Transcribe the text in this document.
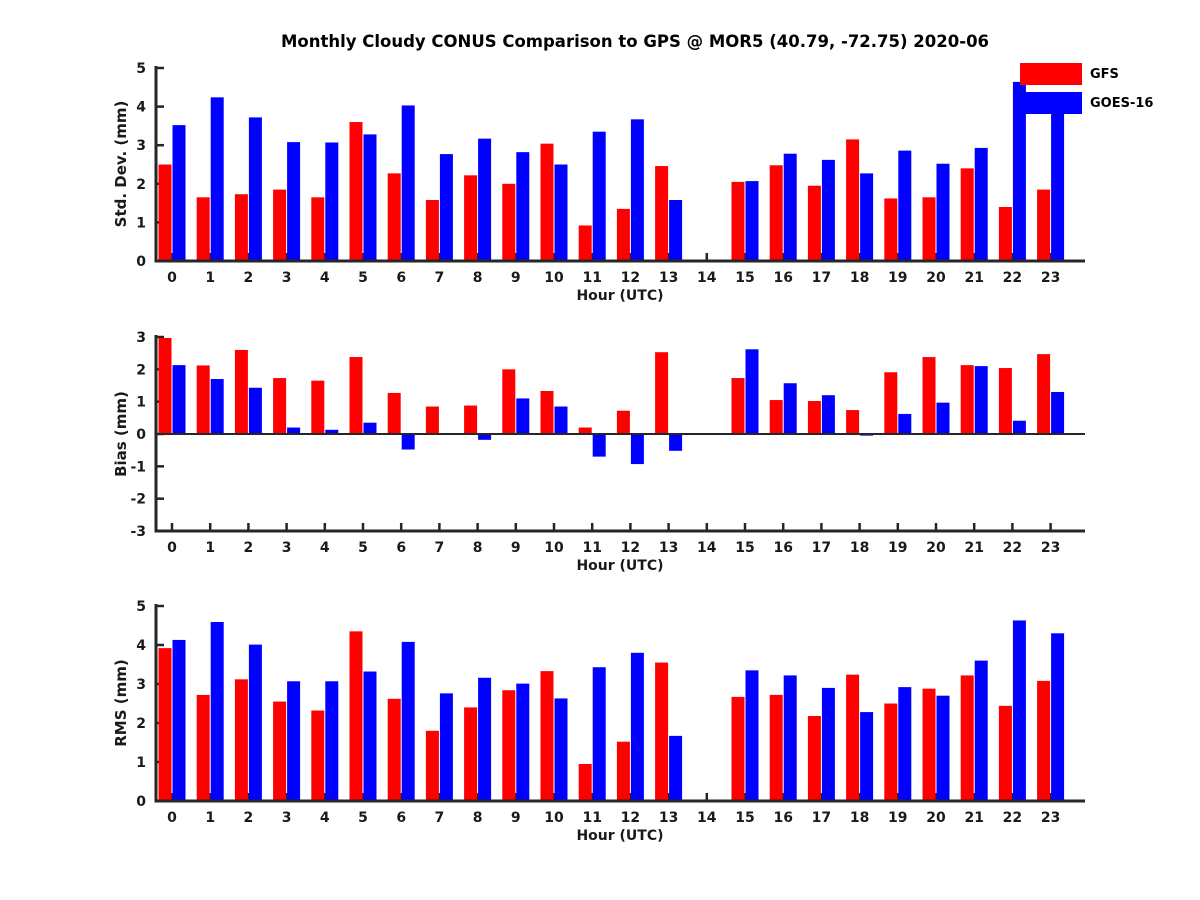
Monthly Cloudy CONUS Comparison to GPS @ MOR5 (40.79, -72.75) 2020-06
0 1 2 3 4 5 6 7 8 9 10 11 12 13 14 15 16 17 18 19 20 21 22 23
0
1
2
3
4
5
0 1 2 3 4 5 6 7 8 9 10 11 12 13 14 15 16 17 18 19 20 21 22 23
-3
-2
-1
0
1
2
3
0 1 2 3 4 5 6 7 8 9 10 11 12 13 14 15 16 17 18 19 20 21 22 23
0
1
2
3
4
5
Std. Dev. (mm)
Bias (mm)
RMS (mm)
Hour (UTC)
Hour (UTC)
Hour (UTC)
GFS
GOES-16
